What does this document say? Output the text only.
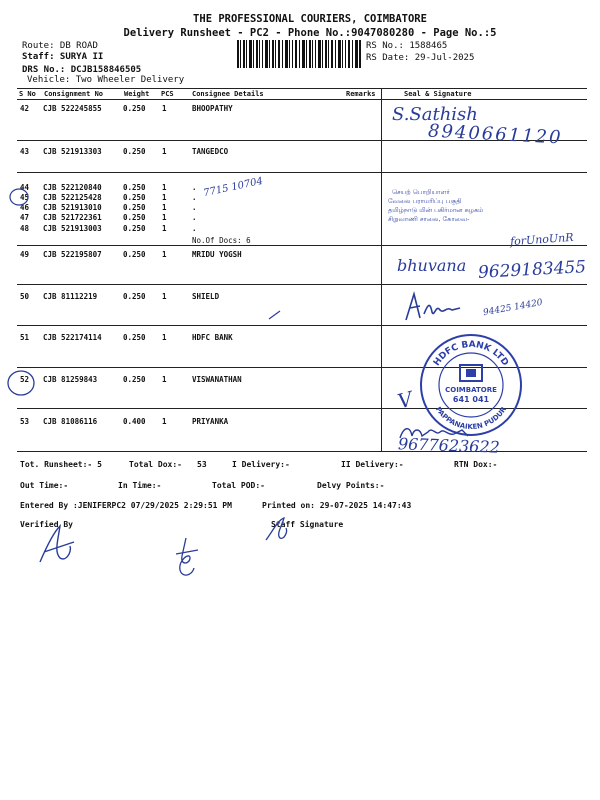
THE PROFESSIONAL COURIERS, COIMBATORE
Delivery Runsheet - PC2 - Phone No.:9047080280 - Page No.:5
Route: DB ROAD
Staff: SURYA II
DRS No.: DCJB158846505
Vehicle: Two Wheeler Delivery
RS No.: 1588465
RS Date: 29-Jul-2025
S No Consignment No	Weight PCS	Consignee Details	Remarks	Seal & Signature
42 CJB 522245855	0.250 1	BHOOPATHY
43 CJB 521913303	0.250 1	TANGEDCO
44 CJB 522120840	0.250 1	.
45 CJB 522125428	0.250 1	.
46 CJB 521913010	0.250 1	.
47 CJB 521722361	0.250 1	.
48 CJB 521913003	0.250 1	.
No.Of Docs: 6
49 CJB 522195807	0.250 1	MRIDU YOGSH
50 CJB 81112219	0.250 1	SHIELD
51 CJB 522174114	0.250 1	HDFC BANK
52 CJB 81259843	0.250 1	VISWANATHAN
53 CJB 81086116	0.400 1	PRIYANKA
S.Sathish
8940661120
7715 10704	செயற் பொறியாளர்
வேலை பராமரிப்பு பகுதி
தமிழ்நாடு மின் பகிர்மான கழகம்
சிறுவாணி சாலை, கோவை-
forUnoUnR
bhuvana 9629183455
94425 14420
HDFC BANK LTD
PAPPANAIKEN PUDUR
COIMBATORE
641 041
V
9677623622
Tot. Runsheet:- 5	Total Dox:- 53	I Delivery:-	II Delivery:-	RTN Dox:-
Out Time:-	In Time:-	Total POD:-	Delvy Points:-
Entered By :JENIFERPC2 07/29/2025 2:29:51 PM	Printed on: 29-07-2025 14:47:43
Verified By	Staff Signature
